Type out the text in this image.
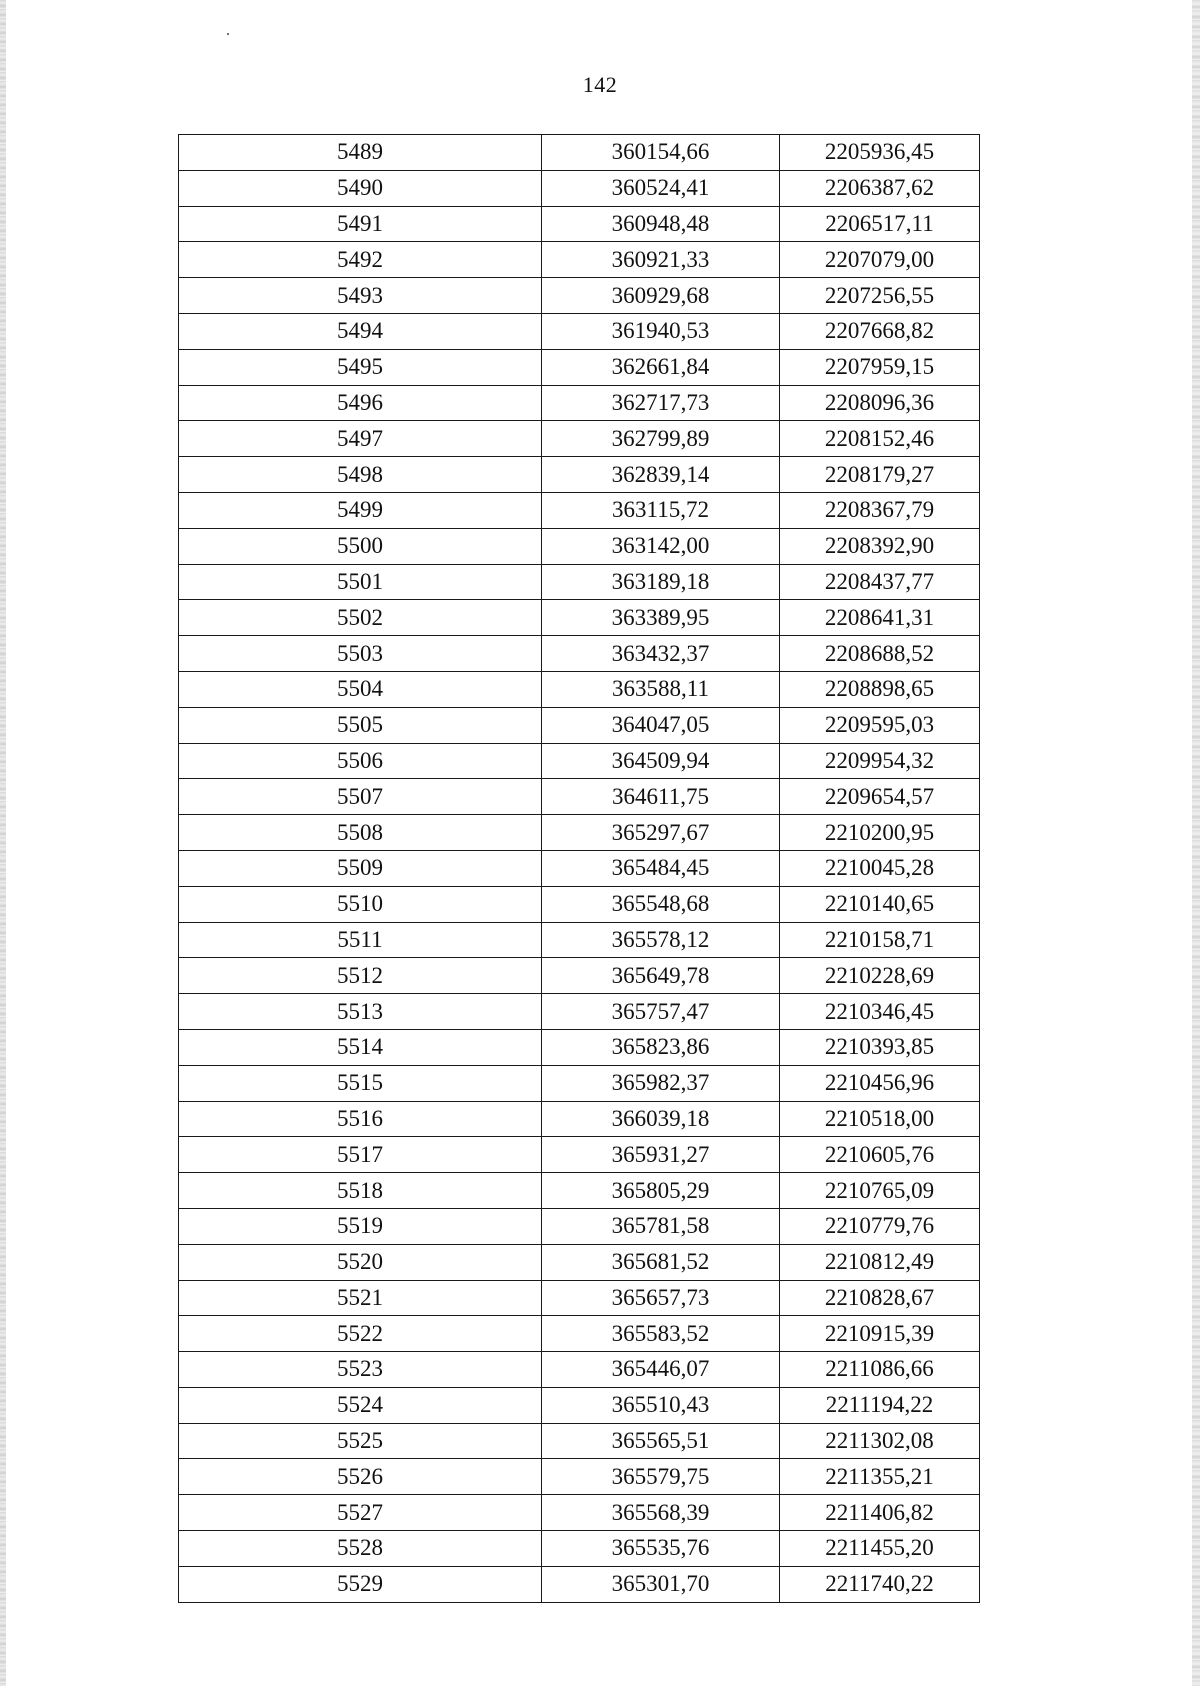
142
5489	360154,66	2205936,45
5490	360524,41	2206387,62
5491	360948,48	2206517,11
5492	360921,33	2207079,00
5493	360929,68	2207256,55
5494	361940,53	2207668,82
5495	362661,84	2207959,15
5496	362717,73	2208096,36
5497	362799,89	2208152,46
5498	362839,14	2208179,27
5499	363115,72	2208367,79
5500	363142,00	2208392,90
5501	363189,18	2208437,77
5502	363389,95	2208641,31
5503	363432,37	2208688,52
5504	363588,11	2208898,65
5505	364047,05	2209595,03
5506	364509,94	2209954,32
5507	364611,75	2209654,57
5508	365297,67	2210200,95
5509	365484,45	2210045,28
5510	365548,68	2210140,65
5511	365578,12	2210158,71
5512	365649,78	2210228,69
5513	365757,47	2210346,45
5514	365823,86	2210393,85
5515	365982,37	2210456,96
5516	366039,18	2210518,00
5517	365931,27	2210605,76
5518	365805,29	2210765,09
5519	365781,58	2210779,76
5520	365681,52	2210812,49
5521	365657,73	2210828,67
5522	365583,52	2210915,39
5523	365446,07	2211086,66
5524	365510,43	2211194,22
5525	365565,51	2211302,08
5526	365579,75	2211355,21
5527	365568,39	2211406,82
5528	365535,76	2211455,20
5529	365301,70	2211740,22
